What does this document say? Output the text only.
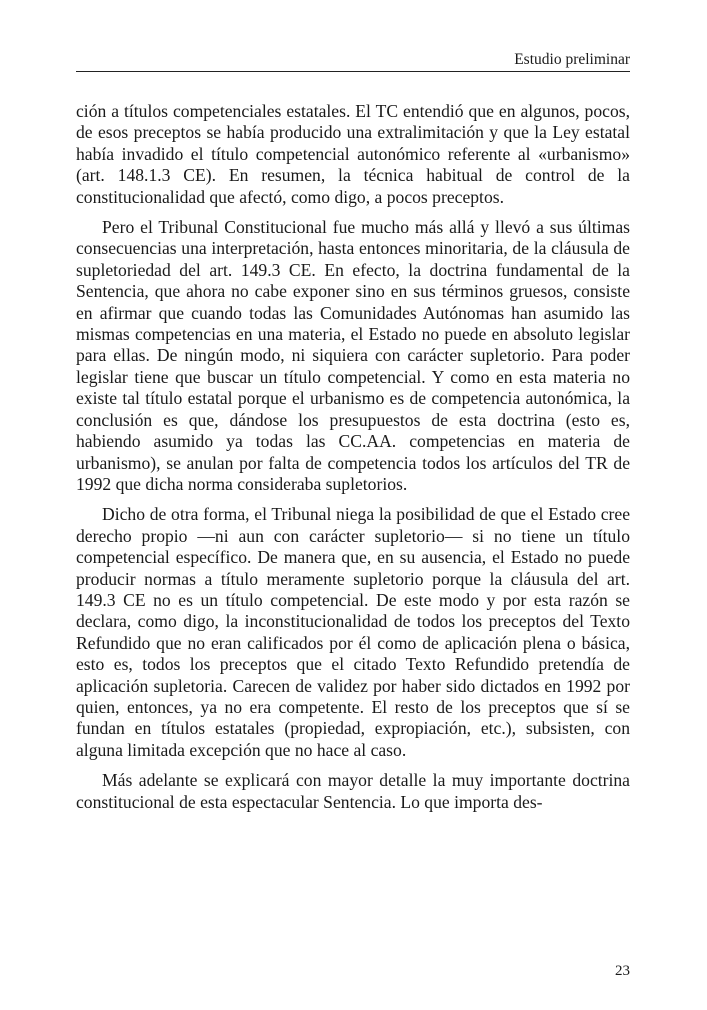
Estudio preliminar

ción a títulos competenciales estatales. El TC entendió que en algunos, pocos, de esos preceptos se había producido una extralimitación y que la Ley estatal había invadido el título competencial autonómico referente al «urbanismo» (art. 148.1.3 CE). En resumen, la técnica habitual de control de la constitucionalidad que afectó, como digo, a pocos preceptos.

Pero el Tribunal Constitucional fue mucho más allá y llevó a sus últimas consecuencias una interpretación, hasta entonces minoritaria, de la cláusula de supletoriedad del art. 149.3 CE. En efecto, la doctrina fundamental de la Sentencia, que ahora no cabe exponer sino en sus términos gruesos, consiste en afirmar que cuando todas las Comunidades Autónomas han asumido las mismas competencias en una materia, el Estado no puede en absoluto legislar para ellas. De ningún modo, ni siquiera con carácter supletorio. Para poder legislar tiene que buscar un título competencial. Y como en esta materia no existe tal título estatal porque el urbanismo es de competencia autonómica, la conclusión es que, dándose los presupuestos de esta doctrina (esto es, habiendo asumido ya todas las CC.AA. competencias en materia de urbanismo), se anulan por falta de competencia todos los artículos del TR de 1992 que dicha norma consideraba supletorios.

Dicho de otra forma, el Tribunal niega la posibilidad de que el Estado cree derecho propio —ni aun con carácter supletorio— si no tiene un título competencial específico. De manera que, en su ausencia, el Estado no puede producir normas a título meramente supletorio porque la cláusula del art. 149.3 CE no es un título competencial. De este modo y por esta razón se declara, como digo, la inconstitucionalidad de todos los preceptos del Texto Refundido que no eran calificados por él como de aplicación plena o básica, esto es, todos los preceptos que el citado Texto Refundido pretendía de aplicación supletoria. Carecen de validez por haber sido dictados en 1992 por quien, entonces, ya no era competente. El resto de los preceptos que sí se fundan en títulos estatales (propiedad, expropiación, etc.), subsisten, con alguna limitada excepción que no hace al caso.

Más adelante se explicará con mayor detalle la muy importante doctrina constitucional de esta espectacular Sentencia. Lo que importa des-

23
